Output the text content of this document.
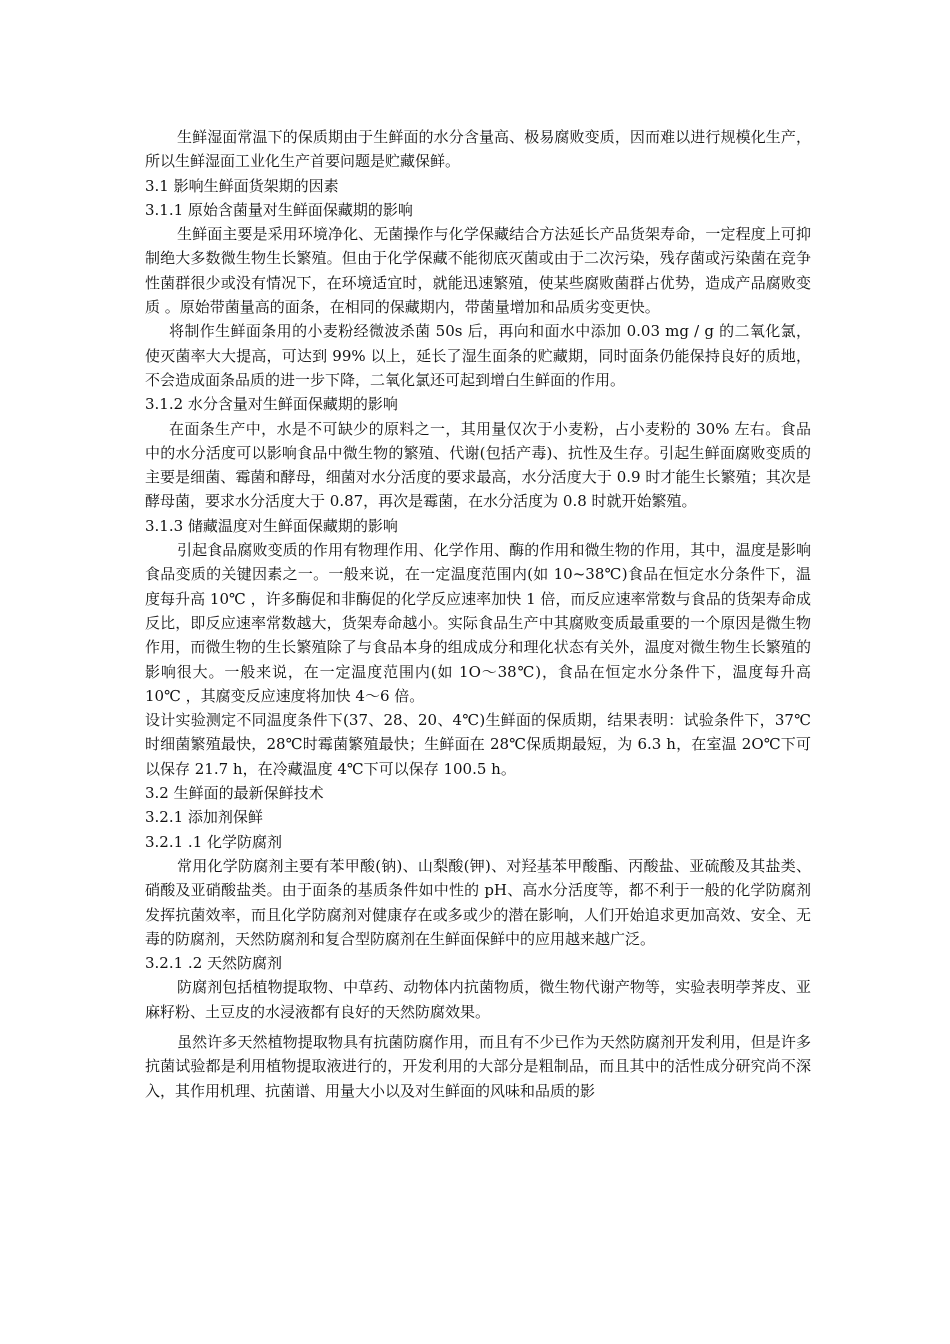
生鲜湿面常温下的保质期由于生鲜面的水分含量高、极易腐败变质，因而难以进行规模化生产，所以生鲜湿面工业化生产首要问题是贮藏保鲜。

3.1 影响生鲜面货架期的因素

3.1.1 原始含菌量对生鲜面保藏期的影响

生鲜面主要是采用环境净化、无菌操作与化学保藏结合方法延长产品货架寿命，一定程度上可抑制绝大多数微生物生长繁殖。但由于化学保藏不能彻底灭菌或由于二次污染，残存菌或污染菌在竞争性菌群很少或没有情况下，在环境适宜时，就能迅速繁殖，使某些腐败菌群占优势，造成产品腐败变质 。原始带菌量高的面条，在相同的保藏期内，带菌量增加和品质劣变更快。

将制作生鲜面条用的小麦粉经微波杀菌 50s 后，再向和面水中添加 0.03 mg / g 的二氧化氯，使灭菌率大大提高，可达到 99% 以上，延长了湿生面条的贮藏期，同时面条仍能保持良好的质地，不会造成面条品质的进一步下降，二氧化氯还可起到增白生鲜面的作用。

3.1.2 水分含量对生鲜面保藏期的影响

在面条生产中，水是不可缺少的原料之一，其用量仅次于小麦粉，占小麦粉的 30% 左右。食品中的水分活度可以影响食品中微生物的繁殖、代谢(包括产毒)、抗性及生存。引起生鲜面腐败变质的主要是细菌、霉菌和酵母，细菌对水分活度的要求最高，水分活度大于 0.9 时才能生长繁殖；其次是酵母菌，要求水分活度大于 0.87，再次是霉菌，在水分活度为 0.8 时就开始繁殖。

3.1.3 储藏温度对生鲜面保藏期的影响

引起食品腐败变质的作用有物理作用、化学作用、酶的作用和微生物的作用，其中，温度是影响食品变质的关键因素之一。一般来说，在一定温度范围内(如 10~38℃)食品在恒定水分条件下，温度每升高 10℃ ，许多酶促和非酶促的化学反应速率加快 1 倍，而反应速率常数与食品的货架寿命成反比，即反应速率常数越大，货架寿命越小。实际食品生产中其腐败变质最重要的一个原因是微生物作用，而微生物的生长繁殖除了与食品本身的组成成分和理化状态有关外，温度对微生物生长繁殖的影响很大。一般来说，在一定温度范围内(如 1O～38℃)，食品在恒定水分条件下，温度每升高 10℃ ，其腐变反应速度将加快 4～6 倍。

设计实验测定不同温度条件下(37、28、20、4℃)生鲜面的保质期，结果表明：试验条件下，37℃时细菌繁殖最快，28℃时霉菌繁殖最快；生鲜面在 28℃保质期最短，为 6.3 h，在室温 2O℃下可以保存 21.7 h，在冷藏温度 4℃下可以保存 100.5 h。

3.2 生鲜面的最新保鲜技术

3.2.1 添加剂保鲜

3.2.1 .1 化学防腐剂

常用化学防腐剂主要有苯甲酸(钠)、山梨酸(钾)、对羟基苯甲酸酯、丙酸盐、亚硫酸及其盐类、硝酸及亚硝酸盐类。由于面条的基质条件如中性的 pH、高水分活度等，都不利于一般的化学防腐剂发挥抗菌效率，而且化学防腐剂对健康存在或多或少的潜在影响，人们开始追求更加高效、安全、无毒的防腐剂，天然防腐剂和复合型防腐剂在生鲜面保鲜中的应用越来越广泛。

3.2.1 .2 天然防腐剂

防腐剂包括植物提取物、中草药、动物体内抗菌物质，微生物代谢产物等，实验表明荸荠皮、亚麻籽粉、土豆皮的水浸液都有良好的天然防腐效果。

虽然许多天然植物提取物具有抗菌防腐作用，而且有不少已作为天然防腐剂开发利用，但是许多抗菌试验都是利用植物提取液进行的，开发利用的大部分是粗制品，而且其中的活性成分研究尚不深入，其作用机理、抗菌谱、用量大小以及对生鲜面的风味和品质的影
